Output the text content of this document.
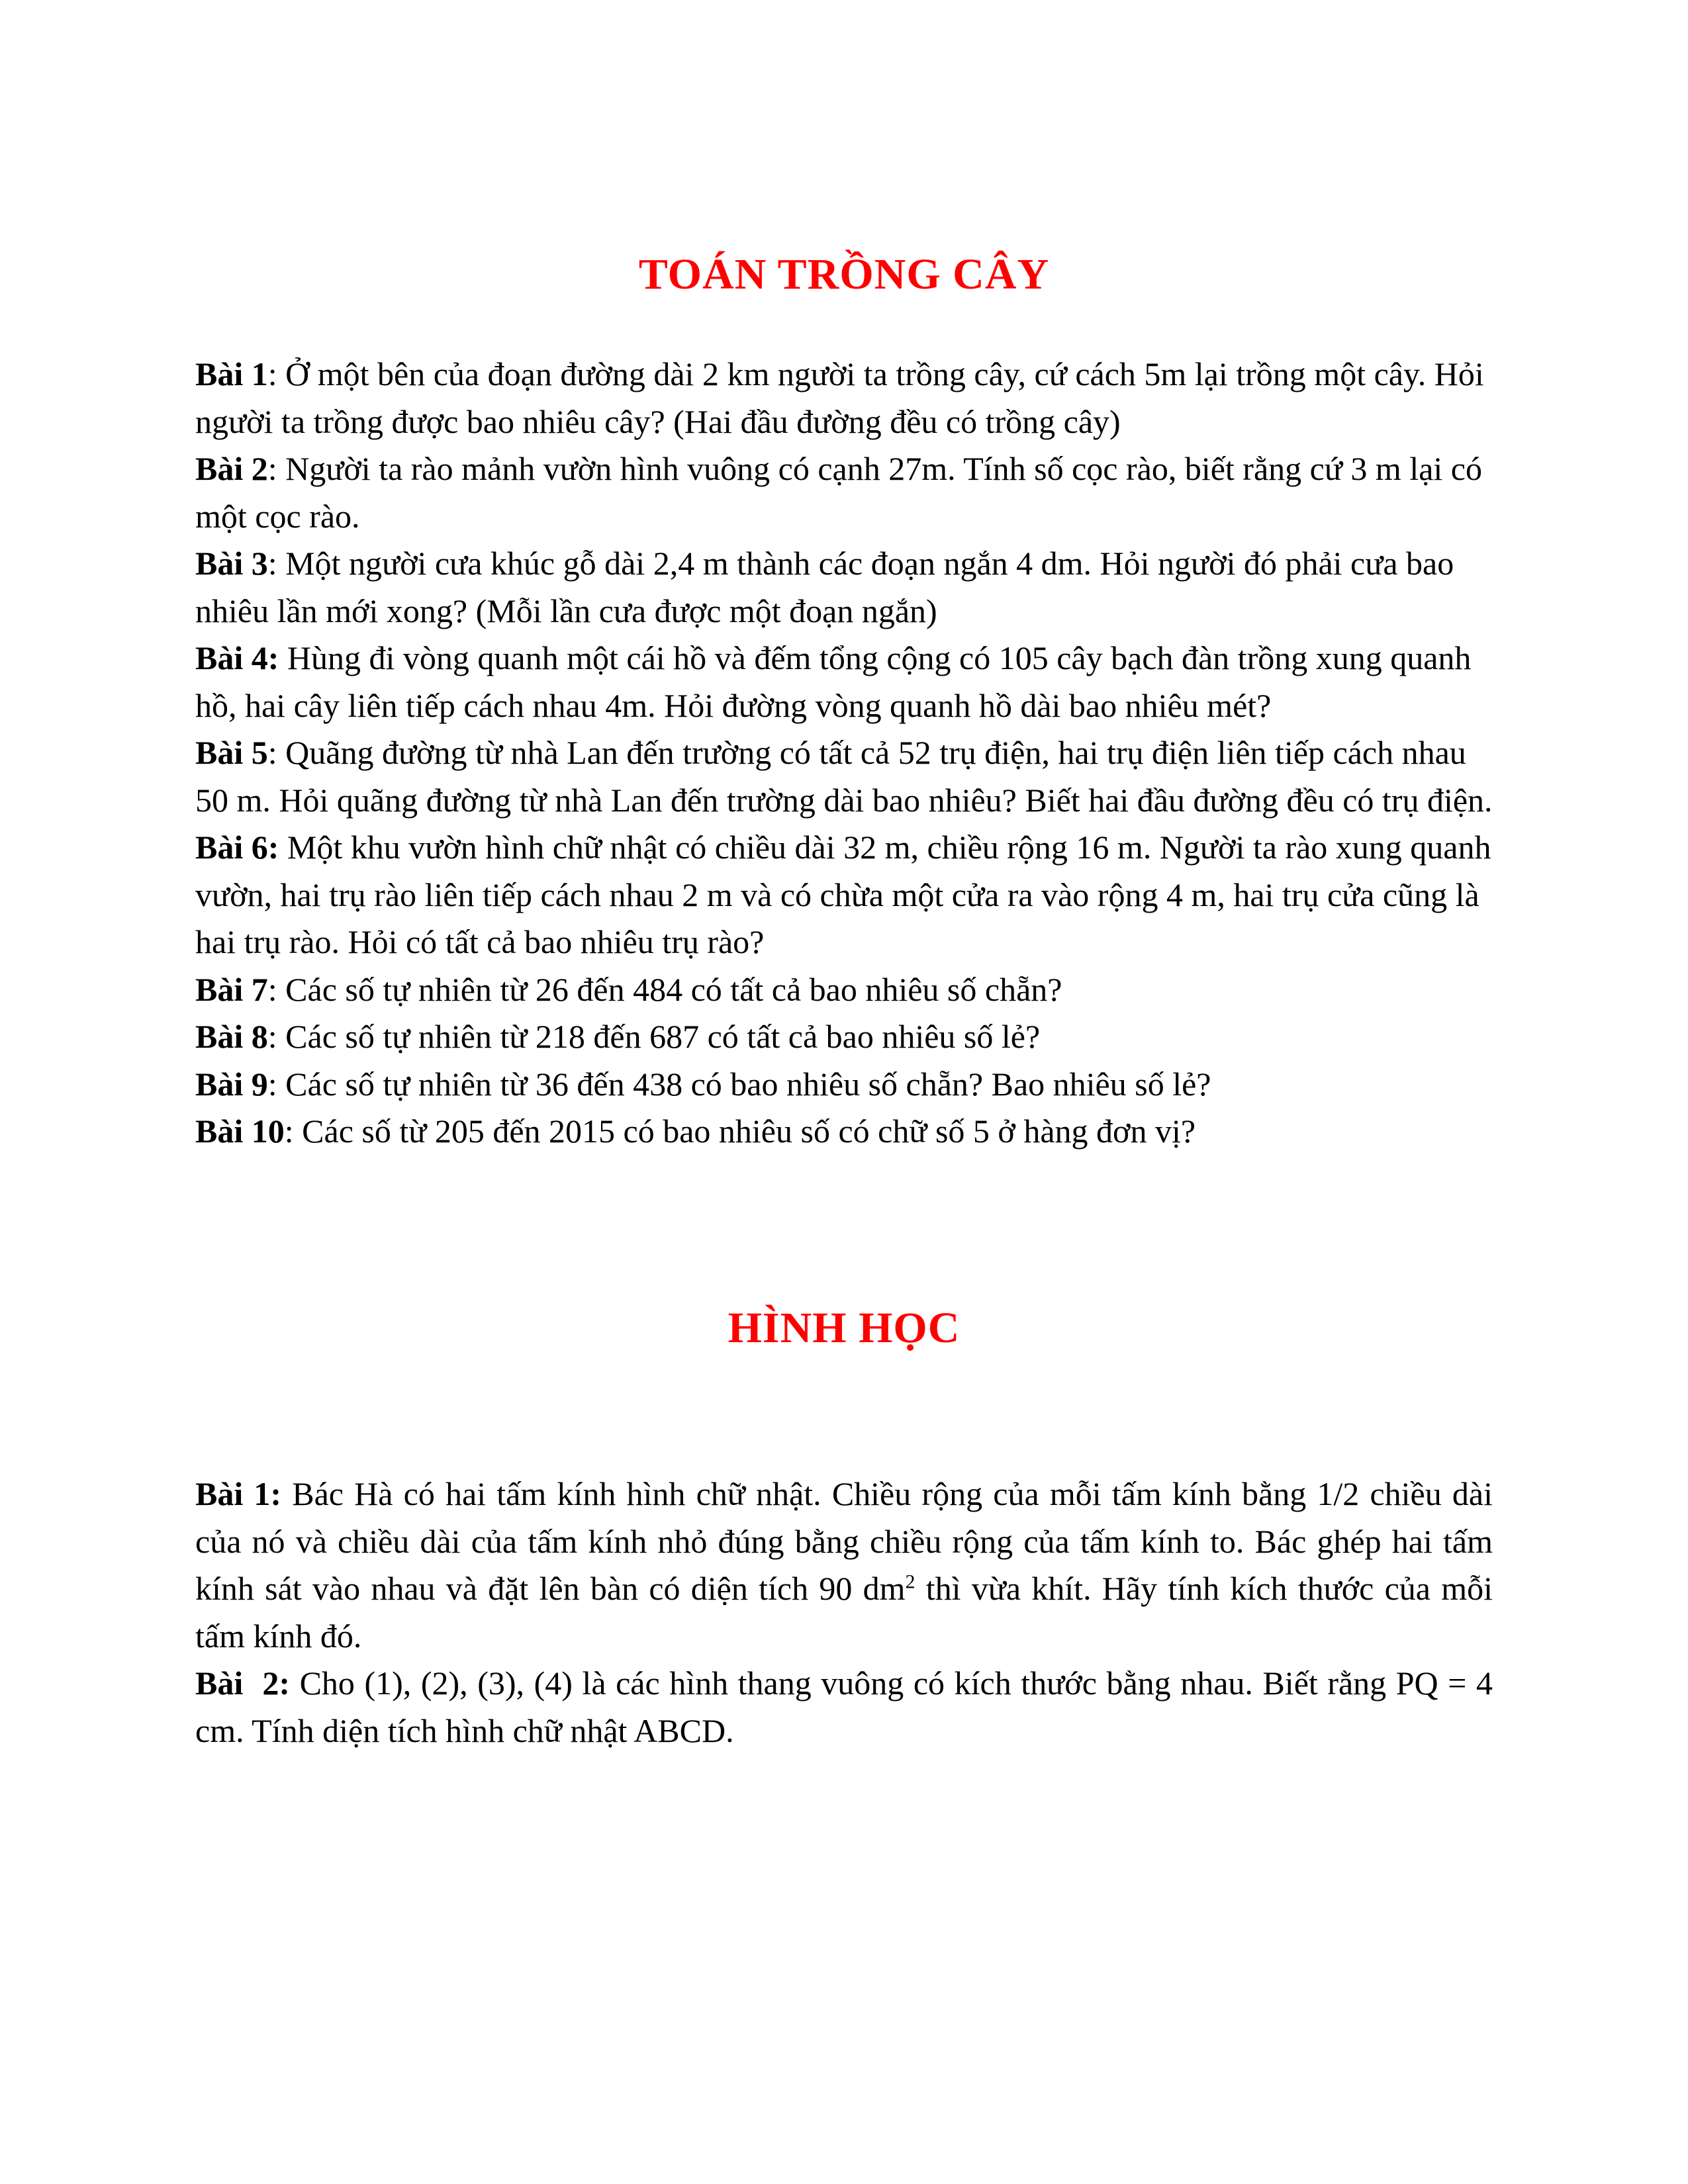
TOÁN TRỒNG CÂY

Bài 1: Ở một bên của đoạn đường dài 2 km người ta trồng cây, cứ cách 5m lại trồng một cây. Hỏi người ta trồng được bao nhiêu cây? (Hai đầu đường đều có trồng cây)

Bài 2: Người ta rào mảnh vườn hình vuông có cạnh 27m. Tính số cọc rào, biết rằng cứ 3 m lại có một cọc rào.

Bài 3: Một người cưa khúc gỗ dài 2,4 m thành các đoạn ngắn 4 dm. Hỏi người đó phải cưa bao nhiêu lần mới xong? (Mỗi lần cưa được một đoạn ngắn)

Bài 4: Hùng đi vòng quanh một cái hồ và đếm tổng cộng có 105 cây bạch đàn trồng xung quanh hồ, hai cây liên tiếp cách nhau 4m. Hỏi đường vòng quanh hồ dài bao nhiêu mét?

Bài 5: Quãng đường từ nhà Lan đến trường có tất cả 52 trụ điện, hai trụ điện liên tiếp cách nhau 50 m. Hỏi quãng đường từ nhà Lan đến trường dài bao nhiêu? Biết hai đầu đường đều có trụ điện.

Bài 6: Một khu vườn hình chữ nhật có chiều dài 32 m, chiều rộng 16 m. Người ta rào xung quanh vườn, hai trụ rào liên tiếp cách nhau 2 m và có chừa một cửa ra vào rộng 4 m, hai trụ cửa cũng là hai trụ rào. Hỏi có tất cả bao nhiêu trụ rào?

Bài 7: Các số tự nhiên từ 26 đến 484 có tất cả bao nhiêu số chẵn?

Bài 8: Các số tự nhiên từ 218 đến 687 có tất cả bao nhiêu số lẻ?

Bài 9: Các số tự nhiên từ 36 đến 438 có bao nhiêu số chẵn? Bao nhiêu số lẻ?

Bài 10: Các số từ 205 đến 2015 có bao nhiêu số có chữ số 5 ở hàng đơn vị?

HÌNH HỌC

Bài 1: Bác Hà có hai tấm kính hình chữ nhật. Chiều rộng của mỗi tấm kính bằng 1/2 chiều dài của nó và chiều dài của tấm kính nhỏ đúng bằng chiều rộng của tấm kính to. Bác ghép hai tấm kính sát vào nhau và đặt lên bàn có diện tích 90 $dm^2$ thì vừa khít. Hãy tính kích thước của mỗi tấm kính đó.

Bài  2: Cho (1), (2), (3), (4) là các hình thang vuông có kích thước bằng nhau. Biết rằng PQ = 4 cm. Tính diện tích hình chữ nhật ABCD.
